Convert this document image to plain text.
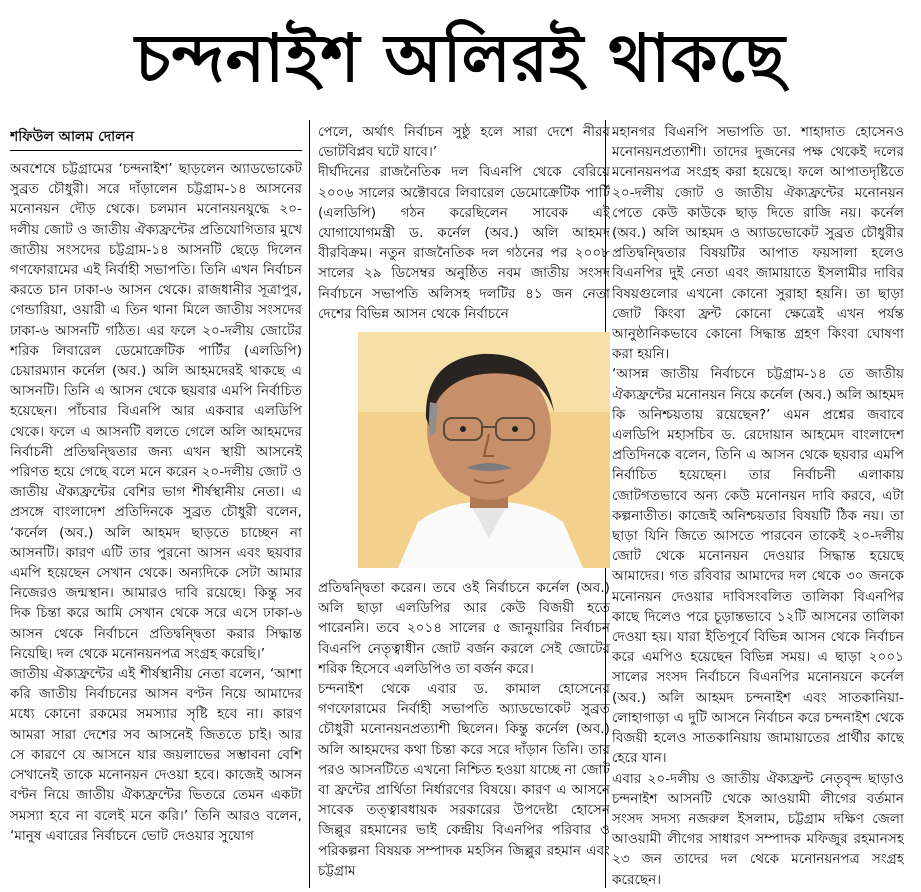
চন্দনাইশ অলিরই থাকছে
শফিউল আলম দোলন

অবশেষে চট্টগ্রামের ‘চন্দনাইশ’ ছাড়লেন অ্যাডভোকেট সুব্রত চৌধুরী। সরে দাঁড়ালেন চট্টগ্রাম-১৪ আসনের মনোনয়ন দৌড় থেকে। চলমান মনোনয়নযুদ্ধে ২০-দলীয় জোট ও জাতীয় ঐক্যফ্রন্টের প্রতিযোগিতার মুখে জাতীয় সংসদের চট্টগ্রাম-১৪ আসনটি ছেড়ে দিলেন গণফোরামের এই নির্বাহী সভাপতি। তিনি এখন নির্বাচন করতে চান ঢাকা-৬ আসন থেকে। রাজধানীর সূত্রাপুর, গেন্ডারিয়া, ওয়ারী এ তিন থানা মিলে জাতীয় সংসদের ঢাকা-৬ আসনটি গঠিত। এর ফলে ২০-দলীয় জোটের শরিক লিবারেল ডেমোক্রেটিক পার্টির (এলডিপি) চেয়ারম্যান কর্নেল (অব.) অলি আহমদেরই থাকছে এ আসনটি। তিনি এ আসন থেকে ছয়বার এমপি নির্বাচিত হয়েছেন। পাঁচবার বিএনপি আর একবার এলডিপি থেকে। ফলে এ আসনটি বলতে গেলে অলি আহমদের নির্বাচনী প্রতিদ্বন্দ্বিতার জন্য এখন স্থায়ী আসনেই পরিণত হয়ে গেছে বলে মনে করেন ২০-দলীয় জোট ও জাতীয় ঐক্যফ্রন্টের বেশির ভাগ শীর্ষস্থানীয় নেতা। এ প্রসঙ্গে বাংলাদেশ প্রতিদিনকে সুব্রত চৌধুরী বলেন, ‘কর্নেল (অব.) অলি আহমদ ছাড়তে চাচ্ছেন না আসনটি। কারণ এটি তার পুরনো আসন এবং ছয়বার এমপি হয়েছেন সেখান থেকে। অন্যদিকে সেটা আমার নিজেরও জন্মস্থান। আমারও দাবি রয়েছে। কিন্তু সব দিক চিন্তা করে আমি সেখান থেকে সরে এসে ঢাকা-৬ আসন থেকে নির্বাচনে প্রতিদ্বন্দ্বিতা করার সিদ্ধান্ত নিয়েছি। দল থেকে মনোনয়নপত্র সংগ্রহ করেছি।’

জাতীয় ঐক্যফ্রন্টের এই শীর্ষস্থানীয় নেতা বলেন, ‘আশা করি জাতীয় নির্বাচনের আসন বণ্টন নিয়ে আমাদের মধ্যে কোনো রকমের সমস্যার সৃষ্টি হবে না। কারণ আমরা সারা দেশের সব আসনেই জিততে চাই। আর সে কারণে যে আসনে যার জয়লাভের সম্ভাবনা বেশি সেখানেই তাকে মনোনয়ন দেওয়া হবে। কাজেই আসন বণ্টন নিয়ে জাতীয় ঐক্যফ্রন্টের ভিতরে তেমন একটা সমস্যা হবে না বলেই মনে করি।’ তিনি আরও বলেন, ‘মানুষ এবারের নির্বাচনে ভোট দেওয়ার সুযোগ

পেলে, অর্থাৎ নির্বাচন সুষ্ঠু হলে সারা দেশে নীরব ভোটবিপ্লব ঘটে যাবে।’

দীর্ঘদিনের রাজনৈতিক দল বিএনপি থেকে বেরিয়ে ২০০৬ সালের অক্টোবরে লিবারেল ডেমোক্রেটিক পার্টি (এলডিপি) গঠন করেছিলেন সাবেক এই যোগাযোগমন্ত্রী ড. কর্নেল (অব.) অলি আহমদ বীরবিক্রম। নতুন রাজনৈতিক দল গঠনের পর ২০০৮ সালের ২৯ ডিসেম্বর অনুষ্ঠিত নবম জাতীয় সংসদ নির্বাচনে সভাপতি অলিসহ দলটির ৪১ জন নেতা দেশের বিভিন্ন আসন থেকে নির্বাচনে

প্রতিদ্বন্দ্বিতা করেন। তবে ওই নির্বাচনে কর্নেল (অব.) অলি ছাড়া এলডিপির আর কেউ বিজয়ী হতে পারেননি। তবে ২০১৪ সালের ৫ জানুয়ারির নির্বাচন বিএনপি নেতৃত্বাধীন জোট বর্জন করলে সেই জোটের শরিক হিসেবে এলডিপিও তা বর্জন করে।

চন্দনাইশ থেকে এবার ড. কামাল হোসেনের গণফোরামের নির্বাহী সভাপতি অ্যাডভোকেট সুব্রত চৌধুরী মনোনয়নপ্রত্যাশী ছিলেন। কিন্তু কর্নেল (অব.) অলি আহমদের কথা চিন্তা করে সরে দাঁড়ান তিনি। তার পরও আসনটিতে এখনো নিশ্চিত হওয়া যাচ্ছে না জোট বা ফ্রন্টের প্রার্থিতা নির্ধারণের বিষয়ে। কারণ এ আসনে সাবেক তত্ত্বাবধায়ক সরকারের উপদেষ্টা হোসেন জিল্লুর রহমানের ভাই কেন্দ্রীয় বিএনপির পরিবার ও পরিকল্পনা বিষয়ক সম্পাদক মহসিন জিল্লুর রহমান এবং চট্টগ্রাম

মহানগর বিএনপি সভাপতি ডা. শাহাদাত হোসেনও মনোনয়নপ্রত্যাশী। তাদের দুজনের পক্ষ থেকেই দলের মনোনয়নপত্র সংগ্রহ করা হয়েছে। ফলে আপাতদৃষ্টিতে ২০-দলীয় জোট ও জাতীয় ঐক্যফ্রন্টের মনোনয়ন পেতে কেউ কাউকে ছাড় দিতে রাজি নয়। কর্নেল (অব.) অলি আহমদ ও অ্যাডভোকেট সুব্রত চৌধুরীর প্রতিদ্বন্দ্বিতার বিষয়টির আপাত ফয়সালা হলেও বিএনপির দুই নেতা এবং জামায়াতে ইসলামীর দাবির বিষয়গুলোর এখনো কোনো সুরাহা হয়নি। তা ছাড়া জোট কিংবা ফ্রন্ট কোনো ক্ষেত্রেই এখন পর্যন্ত আনুষ্ঠানিকভাবে কোনো সিদ্ধান্ত গ্রহণ কিংবা ঘোষণা করা হয়নি।

‘আসন্ন জাতীয় নির্বাচনে চট্টগ্রাম-১৪ তে জাতীয় ঐক্যফ্রন্টের মনোনয়ন নিয়ে কর্নেল (অব.) অলি আহমদ কি অনিশ্চয়তায় রয়েছেন?’ এমন প্রশ্নের জবাবে এলডিপি মহাসচিব ড. রেদোয়ান আহমেদ বাংলাদেশ প্রতিদিনকে বলেন, তিনি এ আসন থেকে ছয়বার এমপি নির্বাচিত হয়েছেন। তার নির্বাচনী এলাকায় জোটগতভাবে অন্য কেউ মনোনয়ন দাবি করবে, এটা কল্পনাতীত। কাজেই অনিশ্চয়তার বিষয়টি ঠিক নয়। তা ছাড়া যিনি জিতে আসতে পারবেন তাকেই ২০-দলীয় জোট থেকে মনোনয়ন দেওয়ার সিদ্ধান্ত হয়েছে আমাদের। গত রবিবার আমাদের দল থেকে ৩০ জনকে মনোনয়ন দেওয়ার দাবিসংবলিত তালিকা বিএনপির কাছে দিলেও পরে চূড়ান্তভাবে ১২টি আসনের তালিকা দেওয়া হয়। যারা ইতিপূর্বে বিভিন্ন আসন থেকে নির্বাচন করে এমপিও হয়েছেন বিভিন্ন সময়। এ ছাড়া ২০০১ সালের সংসদ নির্বাচনে বিএনপির মনোনয়নে কর্নেল (অব.) অলি আহমদ চন্দনাইশ এবং সাতকানিয়া-লোহাগাড়া এ দুটি আসনে নির্বাচন করে চন্দনাইশ থেকে বিজয়ী হলেও সাতকানিয়ায় জামায়াতের প্রার্থীর কাছে হেরে যান।

এবার ২০-দলীয় ও জাতীয় ঐক্যফ্রন্ট নেতৃবৃন্দ ছাড়াও চন্দনাইশ আসনটি থেকে আওয়ামী লীগের বর্তমান সংসদ সদস্য নজরুল ইসলাম, চট্টগ্রাম দক্ষিণ জেলা আওয়ামী লীগের সাধারণ সম্পাদক মফিজুর রহমানসহ ২৩ জন তাদের দল থেকে মনোনয়নপত্র সংগ্রহ করেছেন।
